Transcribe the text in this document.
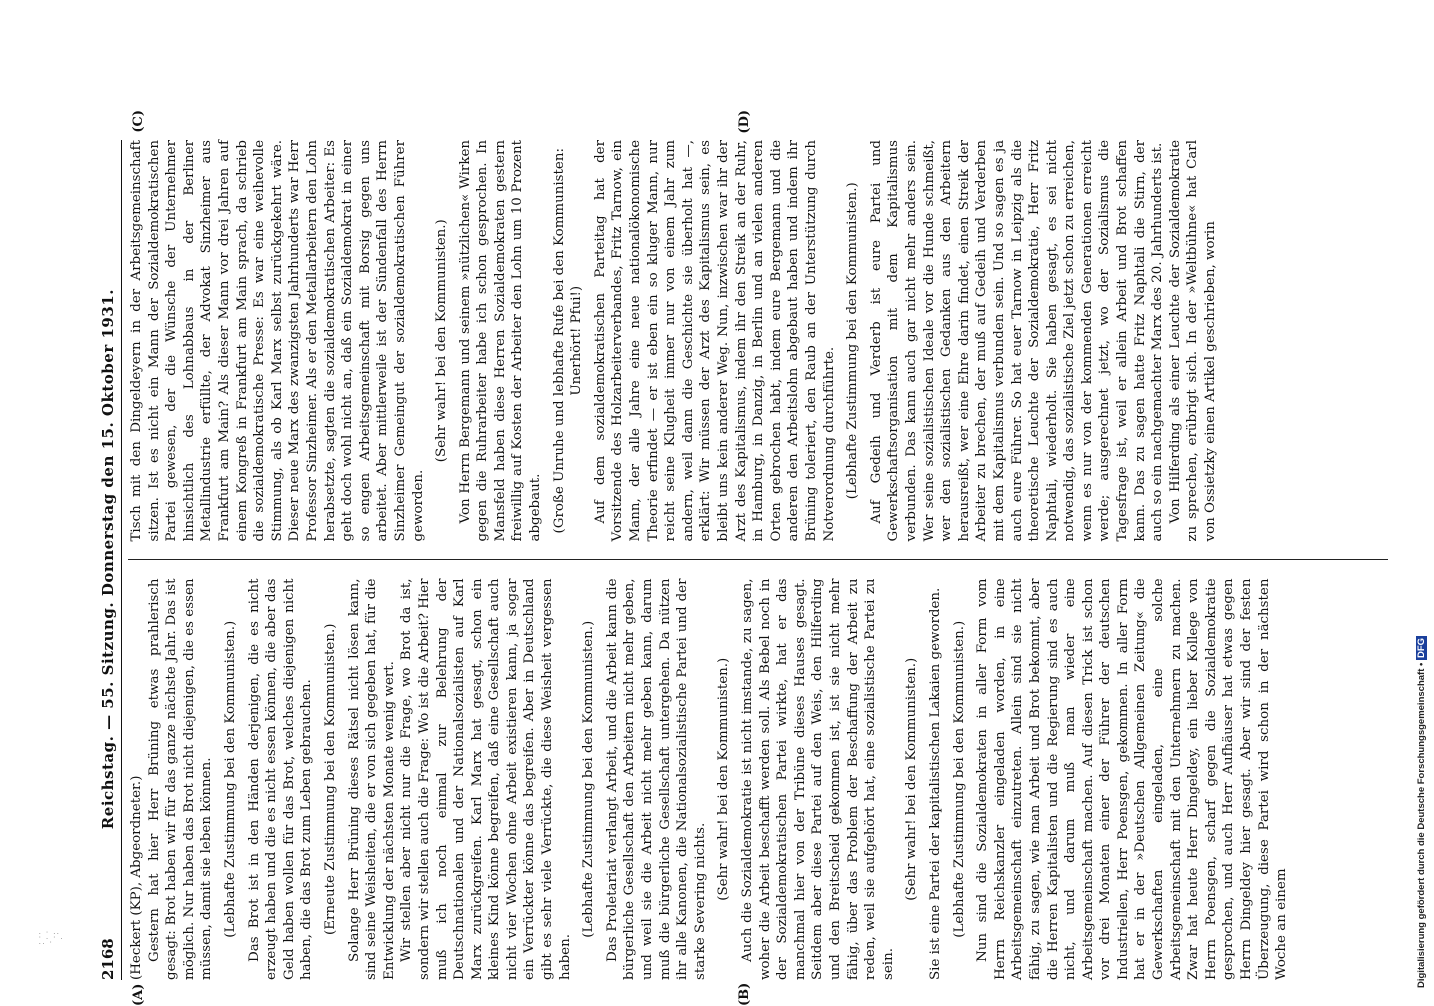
2168
Reichstag. — 55. Sitzung. Donnerstag den 15. Oktober 1931.
(A)	(B)

(Heckert (KP), Abgeordneter.) Gestern hat hier Herr Brüning etwas prahlerisch gesagt: Brot haben wir für das ganze nächste Jahr. Das ist möglich. Nur haben das Brot nicht diejenigen, die es essen müssen, damit sie leben können. (Lebhafte Zustimmung bei den Kommunisten.) Das Brot ist in den Händen derjenigen, die es nicht erzeugt haben und die es nicht essen können, die aber das Geld haben wollen für das Brot, welches diejenigen nicht haben, die das Brot zum Leben gebrauchen. (Erneute Zustimmung bei den Kommunisten.) Solange Herr Brüning dieses Rätsel nicht lösen kann, sind seine Weisheiten, die er von sich gegeben hat, für die Entwicklung der nächsten Monate wenig wert. Wir stellen aber nicht nur die Frage, wo Brot da ist, sondern wir stellen auch die Frage: Wo ist die Arbeit? Hier muß ich noch einmal zur Belehrung der Deutschnationalen und der Nationalsozialisten auf Karl Marx zurückgreifen. Karl Marx hat gesagt, schon ein kleines Kind könne begreifen, daß eine Gesellschaft auch nicht vier Wochen ohne Arbeit existieren kann, ja sogar ein Verrückter könne das begreifen. Aber in Deutschland gibt es sehr viele Verrückte, die diese Weisheit vergessen haben.

(Lebhafte Zustimmung bei den Kommunisten.) Das Proletariat verlangt Arbeit, und die Arbeit kann die bürgerliche Gesellschaft den Arbeitern nicht mehr geben, und weil sie die Arbeit nicht mehr geben kann, darum muß die bürgerliche Gesellschaft untergehen. Da nützen ihr alle Kanonen, die Nationalsozialistische Partei und der starke Severing nichts.

(Sehr wahr! bei den Kommunisten.) Auch die Sozialdemokratie ist nicht imstande, zu sagen, woher die Arbeit beschafft werden soll. Als Bebel noch in der Sozialdemokratischen Partei wirkte, hat er das manchmal hier von der Tribüne dieses Hauses gesagt. Seitdem aber diese Partei auf den Weis, den Hilferding und den Breitscheid gekommen ist, ist sie nicht mehr fähig, über das Problem der Beschaffung der Arbeit zu reden, weil sie aufgehört hat, eine sozialistische Partei zu sein.

(Sehr wahr! bei den Kommunisten.) Sie ist eine Partei der kapitalistischen Lakaien geworden. (Lebhafte Zustimmung bei den Kommunisten.) Nun sind die Sozialdemokraten in aller Form vom Herrn Reichskanzler eingeladen worden, in eine Arbeitsgemeinschaft einzutreten. Allein sind sie nicht fähig, zu sagen, wie man Arbeit und Brot bekommt, aber die Herren Kapitalisten und die Regierung sind es auch nicht, und darum muß man wieder eine Arbeitsgemeinschaft machen. Auf diesen Trick ist schon vor drei Monaten einer der Führer der deutschen Industriellen, Herr Poensgen, gekommen. In aller Form hat er in der »Deutschen Allgemeinen Zeitung« die Gewerkschaften eingeladen, eine solche Arbeitsgemeinschaft mit den Unternehmern zu machen. Zwar hat heute Herr Dingeldey, ein lieber Kollege von Herrn Poensgen, scharf gegen die Sozialdemokratie gesprochen, und auch Herr Aufhäuser hat etwas gegen Herrn Dingeldey hier gesagt. Aber wir sind der festen Überzeugung, diese Partei wird schon in der nächsten Woche an einem

(C)	(D)

Tisch mit den Dingeldeyern in der Arbeitsgemeinschaft sitzen. Ist es nicht ein Mann der Sozialdemokratischen Partei gewesen, der die Wünsche der Unternehmer hinsichtlich des Lohnabbaus in der Berliner Metallindustrie erfüllte, der Advokat Sinzheimer aus Frankfurt am Main? Als dieser Mann vor drei Jahren auf einem Kongreß in Frankfurt am Main sprach, da schrieb die sozialdemokratische Presse: Es war eine weihevolle Stimmung, als ob Karl Marx selbst zurückgekehrt wäre. Dieser neue Marx des zwanzigsten Jahrhunderts war Herr Professor Sinzheimer. Als er den Metallarbeitern den Lohn herabsetzte, sagten die sozialdemokratischen Arbeiter: Es geht doch wohl nicht an, daß ein Sozialdemokrat in einer so engen Arbeitsgemeinschaft mit Borsig gegen uns arbeitet. Aber mittlerweile ist der Sündenfall des Herrn Sinzheimer Gemeingut der sozialdemokratischen Führer geworden.

(Sehr wahr! bei den Kommunisten.) Von Herrn Bergemann und seinem »nützlichen« Wirken gegen die Ruhrarbeiter habe ich schon gesprochen. In Mansfeld haben diese Herren Sozialdemokraten gestern freiwillig auf Kosten der Arbeiter den Lohn um 10 Prozent abgebaut. (Große Unruhe und lebhafte Rufe bei den Kommunisten: Unerhört! Pfui!) Auf dem sozialdemokratischen Parteitag hat der Vorsitzende des Holzarbeiterverbandes, Fritz Tarnow, ein Mann, der alle Jahre eine neue nationalökonomische Theorie erfindet — er ist eben ein so kluger Mann, nur reicht seine Klugheit immer nur von einem Jahr zum andern, weil dann die Geschichte sie überholt hat —, erklärt: Wir müssen der Arzt des Kapitalismus sein, es bleibt uns kein anderer Weg. Nun, inzwischen war ihr der Arzt des Kapitalismus, indem ihr den Streik an der Ruhr, in Hamburg, in Danzig, in Berlin und an vielen anderen Orten gebrochen habt, indem eure Bergemann und die anderen den Arbeitslohn abgebaut haben und indem ihr Brüning toleriert, den Raub an der Unterstützung durch Notverordnung durchführte. (Lebhafte Zustimmung bei den Kommunisten.) Auf Gedeih und Verderb ist eure Partei und Gewerkschaftsorganisation mit dem Kapitalismus verbunden. Das kann auch gar nicht mehr anders sein. Wer seine sozialistischen Ideale vor die Hunde schmeißt, wer den sozialistischen Gedanken aus den Arbeitern herausreißt, wer eine Ehre darin findet, einen Streik der Arbeiter zu brechen, der muß auf Gedeih und Verderben mit dem Kapitalismus verbunden sein. Und so sagen es ja auch eure Führer. So hat euer Tarnow in Leipzig als die theoretische Leuchte der Sozialdemokratie, Herr Fritz Naphtali, wiederholt. Sie haben gesagt, es sei nicht notwendig, das sozialistische Ziel jetzt schon zu erreichen, wenn es nur von der kommenden Generationen erreicht werde; ausgerechnet jetzt, wo der Sozialismus die Tagesfrage ist, weil er allein Arbeit und Brot schaffen kann. Das zu sagen hatte Fritz Naphtali die Stirn, der auch so ein nachgemachter Marx des 20. Jahrhunderts ist. Von Hilferding als einer Leuchte der Sozialdemokratie zu sprechen, erübrigt sich. In der »Weltbühne« hat Carl von Ossietzky einen Artikel geschrieben, worin

Digitalisierung gefördert durch die Deutsche Forschungsgemeinschaft • DFG
. · ..
· . · .
.. ·
